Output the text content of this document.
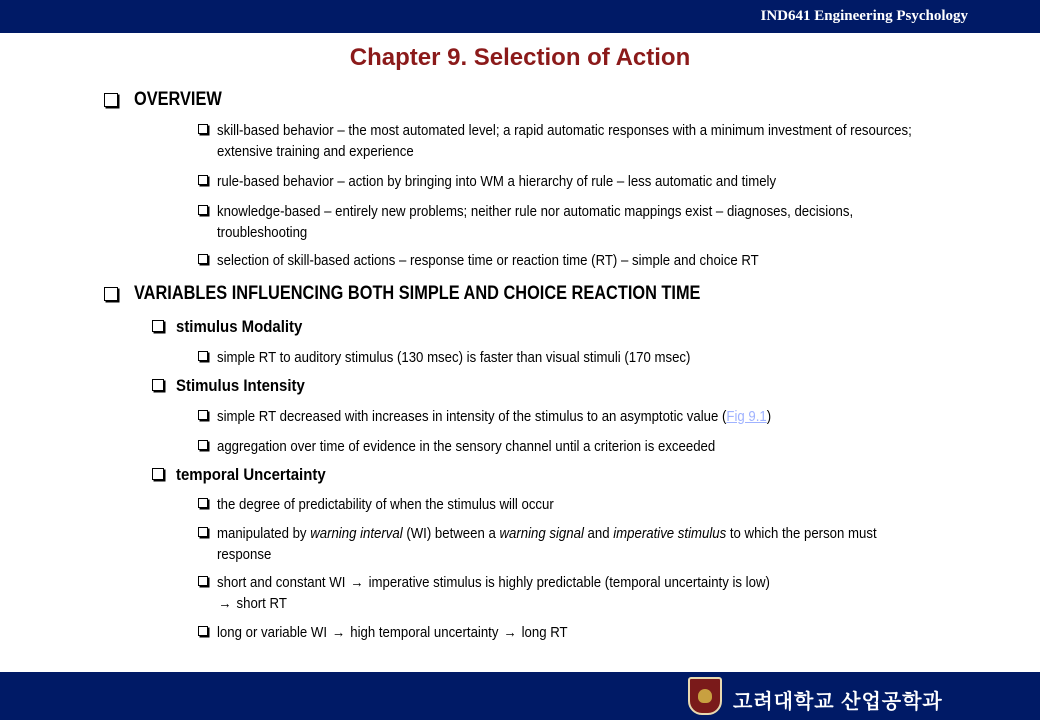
IND641 Engineering Psychology
Chapter 9. Selection of Action
OVERVIEW
skill-based behavior – the most automated level; a rapid automatic responses with a minimum investment of resources; extensive training and experience
rule-based behavior – action by bringing into WM a hierarchy of rule – less automatic and timely
knowledge-based – entirely new problems; neither rule nor automatic mappings exist – diagnoses, decisions, troubleshooting
selection of skill-based actions – response time or reaction time (RT) – simple and choice RT
VARIABLES INFLUENCING BOTH SIMPLE AND CHOICE REACTION TIME
stimulus Modality
simple RT to auditory stimulus (130 msec) is faster than visual stimuli (170 msec)
Stimulus Intensity
simple RT decreased with increases in intensity of the stimulus to an asymptotic value (Fig 9.1)
aggregation over time of evidence in the sensory channel until a criterion is exceeded
temporal Uncertainty
the degree of predictability of when the stimulus will occur
manipulated by warning interval (WI) between a warning signal and imperative stimulus to which the person must response
short and constant WI → imperative stimulus is highly predictable (temporal uncertainty is low)
→ short RT
long or variable WI → high temporal uncertainty → long RT
고려대학교 산업공학과
